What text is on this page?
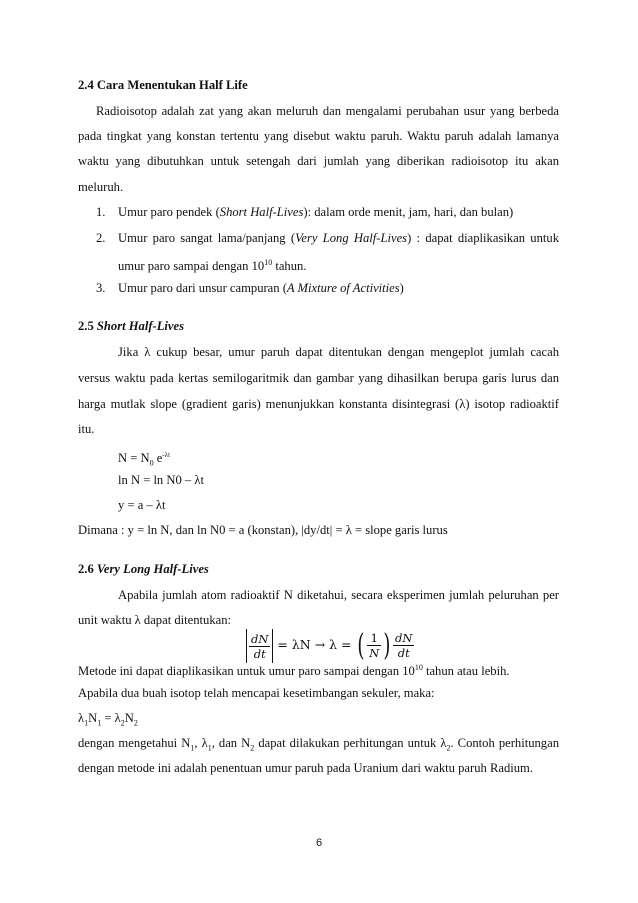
2.4 Cara Menentukan Half Life
Radioisotop adalah zat yang akan meluruh dan mengalami perubahan usur yang berbeda
pada tingkat yang konstan tertentu yang disebut waktu paruh. Waktu paruh adalah lamanya
waktu yang dibutuhkan untuk setengah dari jumlah yang diberikan radioisotop itu akan
meluruh.
1. Umur paro pendek (Short Half-Lives): dalam orde menit, jam, hari, dan bulan)
2. Umur paro sangat lama/panjang (Very Long Half-Lives) : dapat diaplikasikan untuk
umur paro sampai dengan $10^{10}$ tahun.
3. Umur paro dari unsur campuran (A Mixture of Activities)
2.5 Short Half-Lives
Jika λ cukup besar, umur paruh dapat ditentukan dengan mengeplot jumlah cacah
versus waktu pada kertas semilogaritmik dan gambar yang dihasilkan berupa garis lurus dan
harga mutlak slope (gradient garis) menunjukkan konstanta disintegrasi (λ) isotop radioaktif
itu.
$N = N_0$ $e^{-\lambda t}$
ln N = ln N0 – λt
y = a – λt
Dimana : y = ln N, dan ln N0 = a (konstan), |dy/dt| = λ = slope garis lurus
2.6 Very Long Half-Lives
Apabila jumlah atom radioaktif N diketahui, secara eksperimen jumlah peluruhan per
unit waktu λ dapat ditentukan:
$\frac{dN}{dt} = \lambda N \to \lambda$ = ( $\frac{1}{N}$ ) $\frac{dN}{dt}$
Metode ini dapat diaplikasikan untuk umur paro sampai dengan $10^{10}$ tahun atau lebih.
Apabila dua buah isotop telah mencapai kesetimbangan sekuler, maka:
$\lambda_1N_1 = \lambda_2N_2$
dengan mengetahui $N_1$, $\lambda_1$, dan $N_2$ dapat dilakukan perhitungan untuk $\lambda_2$. Contoh perhitungan
dengan metode ini adalah penentuan umur paruh pada Uranium dari waktu paruh Radium.
6
